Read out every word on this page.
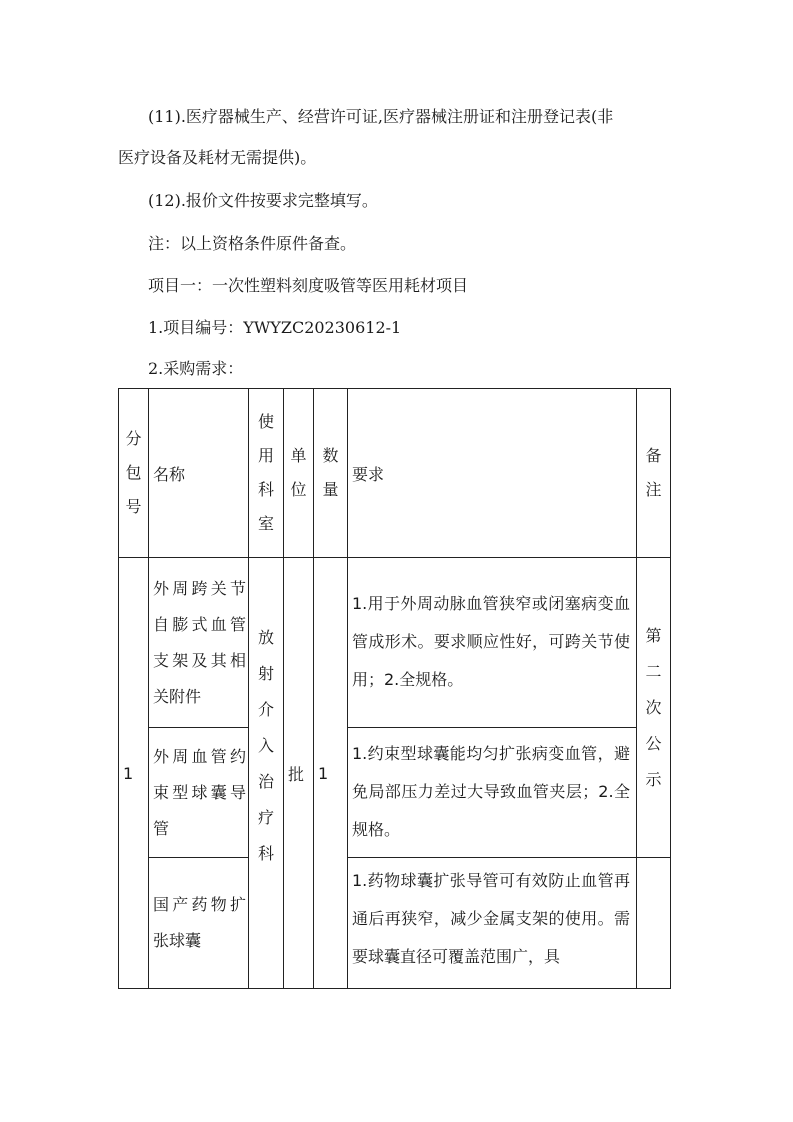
(11).医疗器械生产、经营许可证,医疗器械注册证和注册登记表(非

医疗设备及耗材无需提供)。

(12).报价文件按要求完整填写。

注：以上资格条件原件备查。

项目一：一次性塑料刻度吸管等医用耗材项目

1.项目编号：YWYZC20230612-1

2.采购需求：

分包号	名称	使用科室	单位	数量	要求	备注

1	外周跨关节自膨式血管支架及其相关附件	放射介入治疗科	批	1	1.用于外周动脉血管狭窄或闭塞病变血管成形术。要求顺应性好，可跨关节使用；2.全规格。	第二次公示

	外周血管约束型球囊导管				1.约束型球囊能均匀扩张病变血管，避免局部压力差过大导致血管夹层；2.全规格。	

	国产药物扩张球囊				1.药物球囊扩张导管可有效防止血管再通后再狭窄，减少金属支架的使用。需要球囊直径可覆盖范围广，具	
